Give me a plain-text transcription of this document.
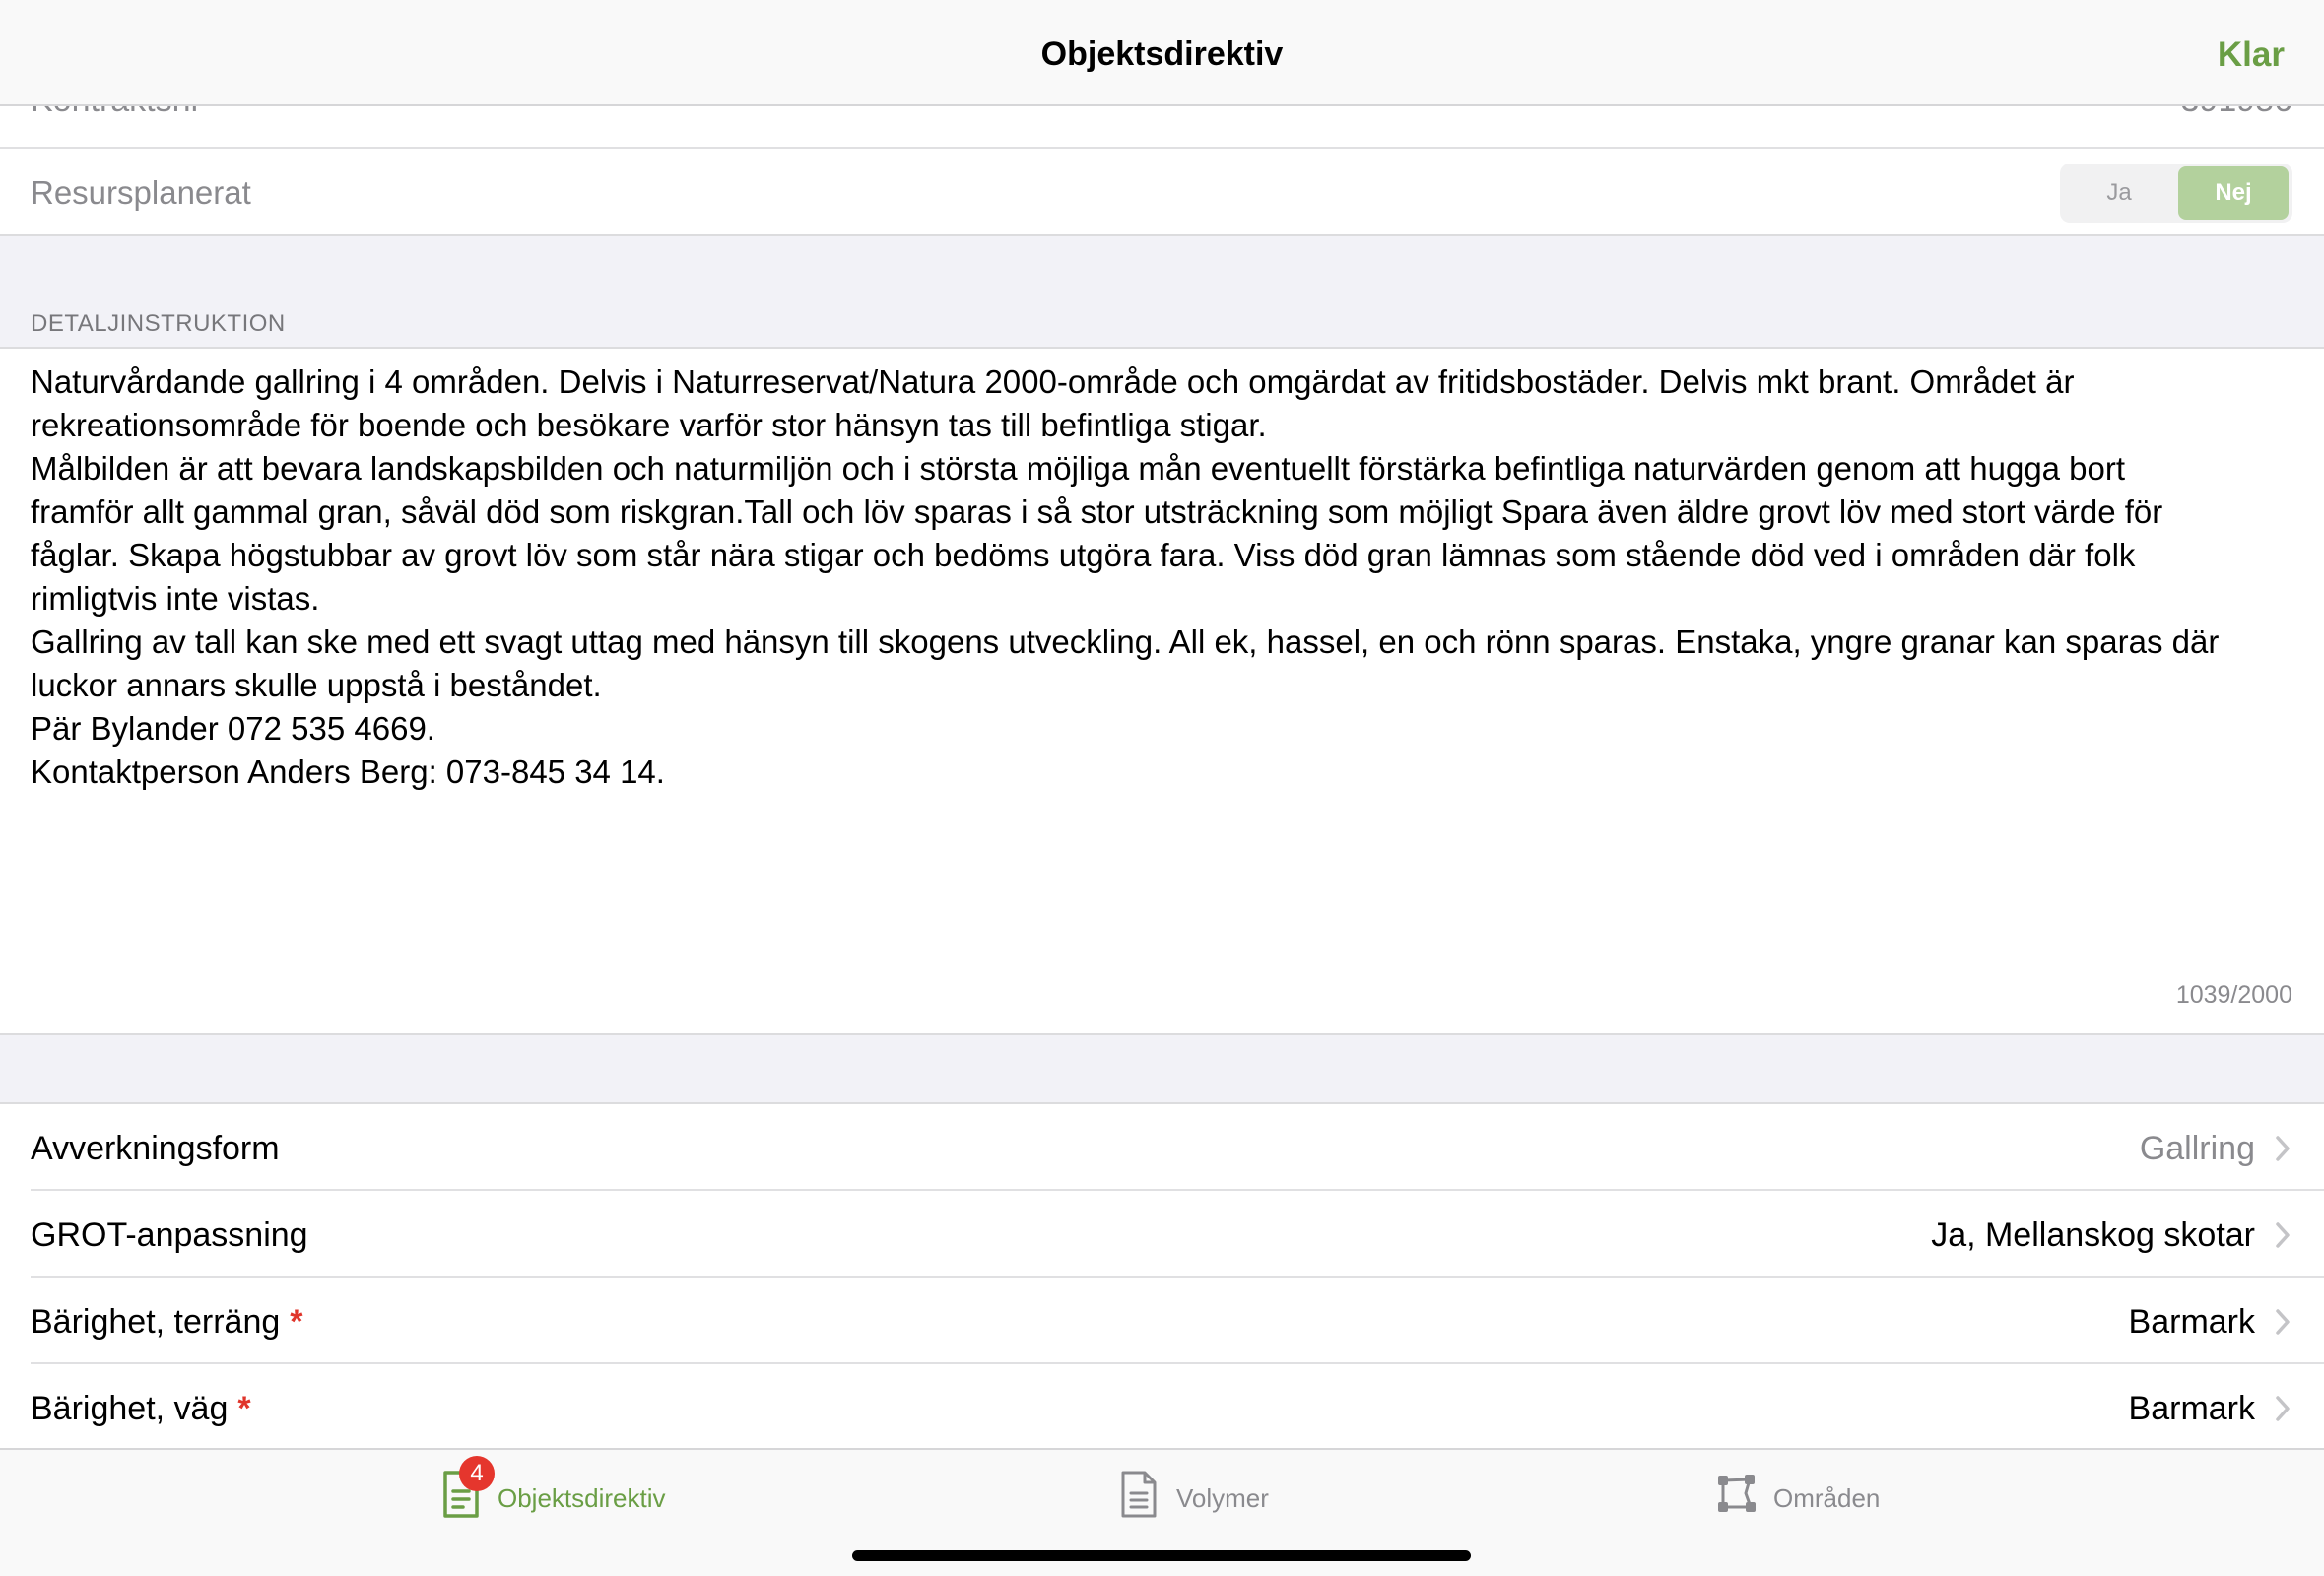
Objektsdirektiv	Klar
Resursplanerat	Ja	Nej
DETALJINSTRUKTION
Naturvårdande gallring i 4 områden. Delvis i Naturreservat/Natura 2000-område och omgärdat av fritidsbostäder. Delvis mkt brant. Området är
rekreationsområde för boende och besökare varför stor hänsyn tas till befintliga stigar.
Målbilden är att bevara landskapsbilden och naturmiljön och i största möjliga mån eventuellt förstärka befintliga naturvärden genom att hugga bort
framför allt gammal gran, såväl död som riskgran.Tall och löv sparas i så stor utsträckning som möjligt Spara även äldre grovt löv med stort värde för
fåglar. Skapa högstubbar av grovt löv som står nära stigar och bedöms utgöra fara. Viss död gran lämnas som stående död ved i områden där folk
rimligtvis inte vistas.
Gallring av tall kan ske med ett svagt uttag med hänsyn till skogens utveckling. All ek, hassel, en och rönn sparas. Enstaka, yngre granar kan sparas där
luckor annars skulle uppstå i beståndet.
Pär Bylander 072 535 4669.
Kontaktperson Anders Berg: 073-845 34 14.
1039/2000
Avverkningsform	Gallring
GROT-anpassning	Ja, Mellanskog skotar
Bärighet, terräng *	Barmark
Bärighet, väg *	Barmark
4
Objektsdirektiv	Volymer	Områden
